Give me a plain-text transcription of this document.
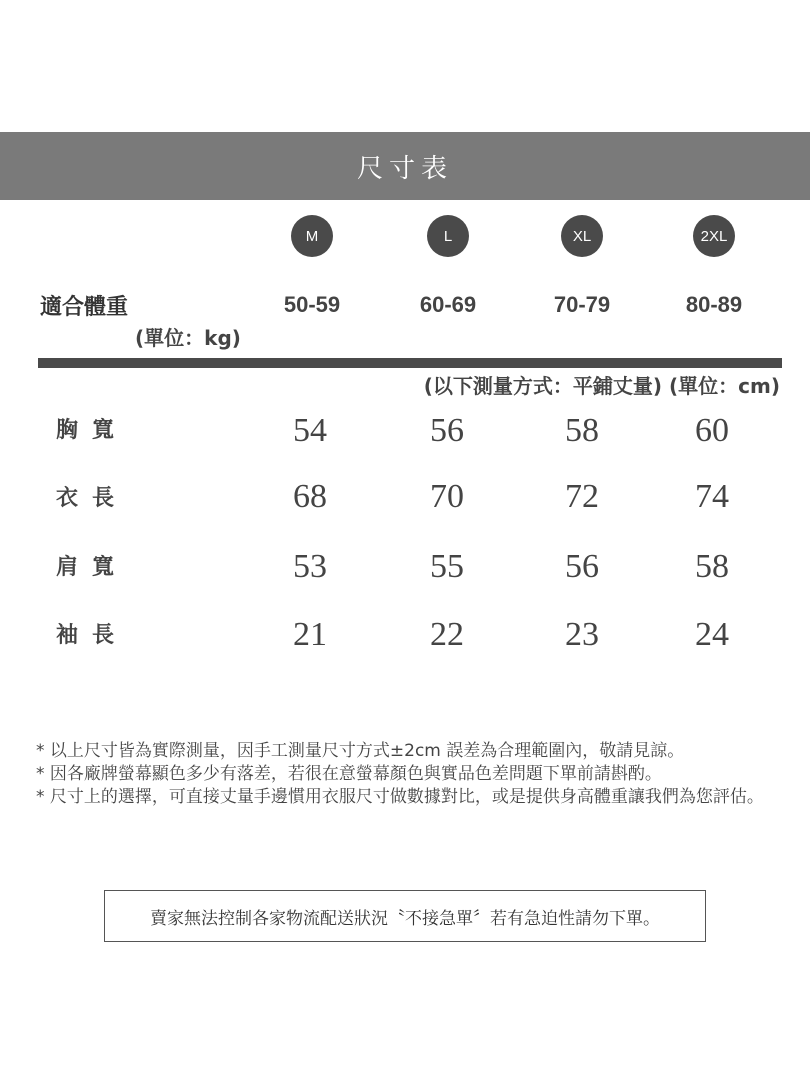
尺寸表
M	L	XL	2XL
適合體重
(單位：kg)
50-59	60-69	70-79	80-89
(以下測量方式：平鋪丈量) (單位：cm)
胸寬	54	56	58	60
衣長	68	70	72	74
肩寬	53	55	56	58
袖長	21	22	23	24
* 以上尺寸皆為實際測量，因手工測量尺寸方式±2cm 誤差為合理範圍內，敬請見諒。
* 因各廠牌螢幕顯色多少有落差，若很在意螢幕顏色與實品色差問題下單前請斟酌。
* 尺寸上的選擇，可直接丈量手邊慣用衣服尺寸做數據對比，或是提供身高體重讓我們為您評估。
賣家無法控制各家物流配送狀況〝不接急單〞若有急迫性請勿下單。
